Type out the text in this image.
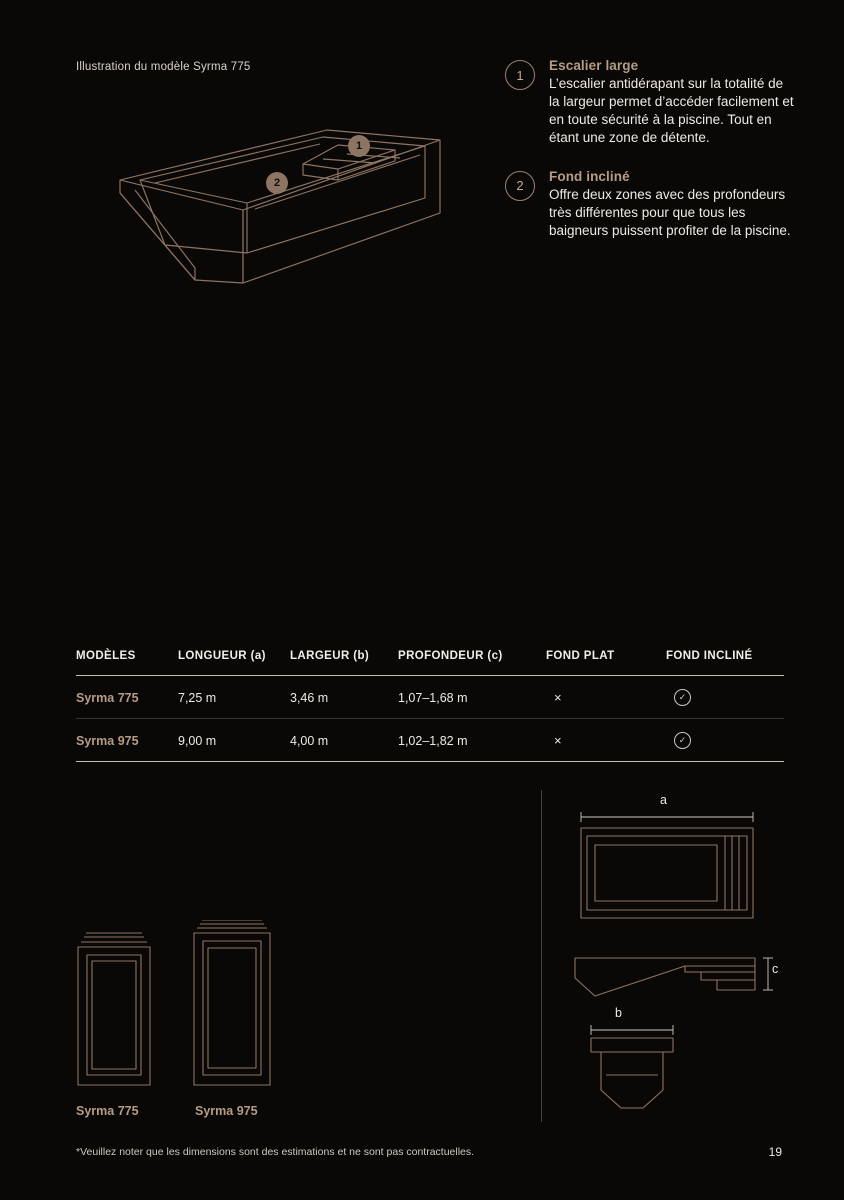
Illustration du modèle Syrma 775
1
2
1
Escalier large
L’escalier antidérapant sur la totalité de la largeur permet d’accéder facilement et en toute sécurité à la piscine. Tout en étant une zone de détente.
2
Fond incliné
Offre deux zones avec des profondeurs très différentes pour que tous les baigneurs puissent profiter de la piscine.
MODÈLES	LONGUEUR (a)	LARGEUR (b)	PROFONDEUR (c)	FOND PLAT	FOND INCLINÉ
Syrma 775	7,25 m	3,46 m	1,07–1,68 m	×	✓
Syrma 975	9,00 m	4,00 m	1,02–1,82 m	×	✓
Syrma 775	Syrma 975
a
c
b
*Veuillez noter que les dimensions sont des estimations et ne sont pas contractuelles.	19
